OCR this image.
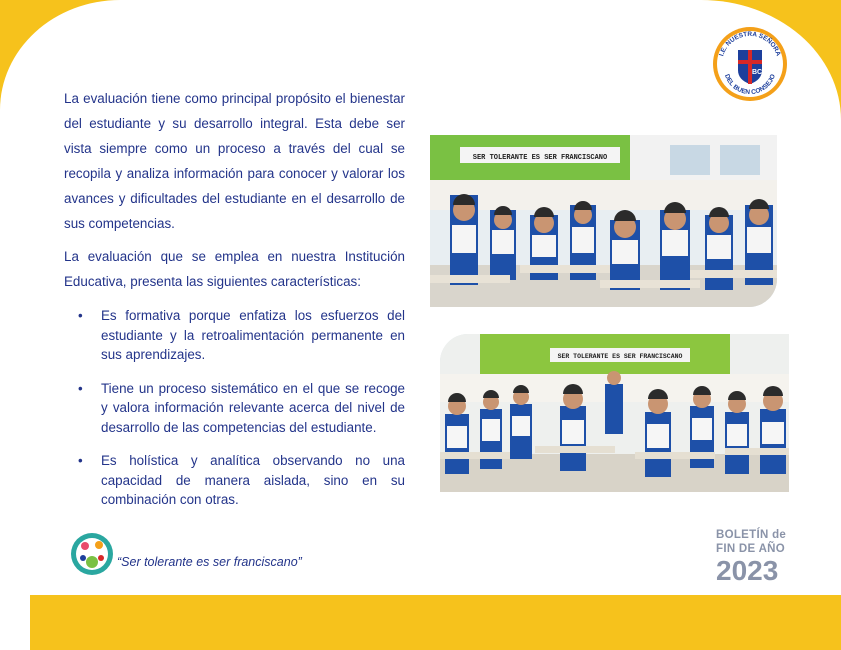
La evaluación tiene como principal propósito el bienestar del estudiante y su desarrollo integral. Esta debe ser vista siempre como un proceso a través del cual se recopila y analiza información para conocer y valorar los avances y dificultades del estudiante en el desarrollo de sus competencias.

La evaluación que se emplea en nuestra Institución Educativa, presenta las siguientes características:

• Es formativa porque enfatiza los esfuerzos del estudiante y la retroalimentación permanente en sus aprendizajes.
• Tiene un proceso sistemático en el que se recoge y valora información relevante acerca del nivel de desarrollo de las competencias del estudiante.
• Es holística y analítica observando no una capacidad de manera aislada, sino en su combinación con otras.
SER TOLERANTE ES SER FRANCISCANO
SER TOLERANTE ES SER FRANCISCANO
I.E. NUESTRA SEÑORA
DEL BUEN CONSEJO
BC
“Ser tolerante es ser franciscano”
BOLETÍN de
FIN DE AÑO
2023
